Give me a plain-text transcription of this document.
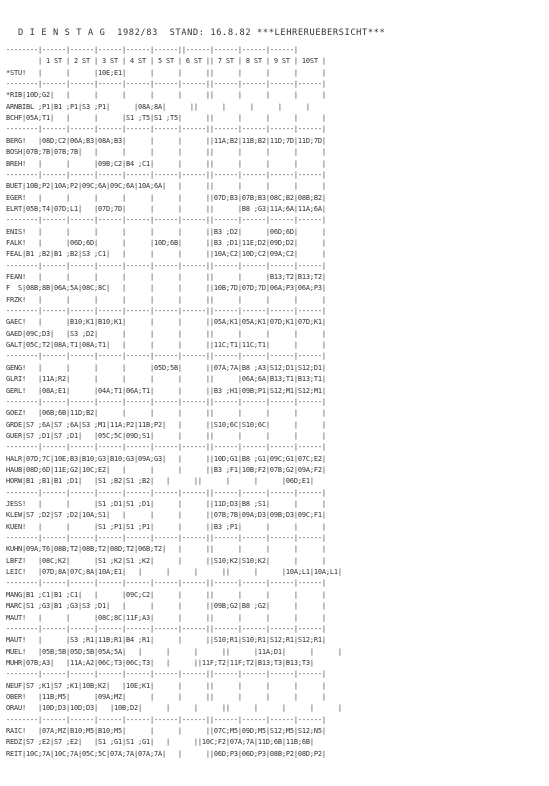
D I E N S T A G  1982/83  STAND: 16.8.82 ***LEHRERUEBERSICHT***
--------|------|------|------|------|------||------|------|------|------|
| 1 ST | 2 ST | 3 ST | 4 ST | 5 ST | 6 ST || 7 ST | 8 ST | 9 ST | 10ST |
*STU!   |      |      |10E;E1|      |      |      ||      |      |      |      |
--------|------|------|------|------|------|------||------|------|------|------|
*RIB|10D;G2|   |      |      |      |      |      ||      |      |      |      |
ARNBIBL ;P1|B1 ;P1|S3 ;P1|      |08A;8A|      ||      |      |      |      |
BCHF|05A;T1|   |      |      |S1 ;T5|S1 ;T5|      ||      |      |      |      |
--------|------|------|------|------|------|------||------|------|------|------|
BERG!   |08D;C2|06A;B3|08A;B3|      |      |      ||11A;B2|11B;B2|11D;7D|11D;7D|
BOSH|07B;7B|07B;7B|   |      |      |      |      ||      |      |      |      |
BREH!   |      |      |09B;C2|B4 ;C1|      |      ||      |      |      |      |
--------|------|------|------|------|------|------||------|------|------|------|
BUET|10B;P2|10A;P2|09C;6A|09C;6A|10A;6A|   |      ||      |      |      |      |
EGER!   |      |      |      |      |      |      ||07D;B3|07B;B3|08C;B2|08B;B2|
ELRT|05B;T4|07D;L1|   |07D;7D|      |      |      ||      |B8 ;G3|11A;6A|11A;6A|
--------|------|------|------|------|------|------||------|------|------|------|
ENIS!   |      |      |      |      |      |      ||B3 ;D2|      |06D;6D|      |
FALK!   |      |06D;6D|      |      |10D;6B|      ||B3 ;D1|11E;D2|09D;D2|      |
FEAL|B1 ;B2|B1 ;B2|S3 ;C1|   |      |      |      ||10A;C2|10D;C2|09A;C2|      |
--------|------|------|------|------|------|------||------|------|------|------|
FEAN!   |      |      |      |      |      |      ||      |      |B13;T2|B13;T2|
F  S|08B;8B|06A;5A|08C;8C|   |      |      |      ||10B;7D|07D;7D|06A;P3|06A;P3|
FRZK!   |      |      |      |      |      |      ||      |      |      |      |
--------|------|------|------|------|------|------||------|------|------|------|
GAEC!   |      |B10;K1|B10;K1|      |      |      ||05A;K1|05A;K1|07D;K1|07D;K1|
GAED|09C;D3|   |S3 ;D2|      |      |      |      ||      |      |      |      |
GALT|05C;T2|08A;T1|08A;T1|   |      |      |      ||11C;T1|11C;T1|      |      |
--------|------|------|------|------|------|------||------|------|------|------|
GENG!   |      |      |      |      |05D;5B|      ||07A;7A|B8 ;A3|S12;D1|S12;D1|
GLRI!   |11A;R2|      |      |      |      |      ||      |06A;6A|B13;T1|B13;T1|
GERL!   |08A;E1|      |04A;T1|06A;T1|      |      ||B3 ;H1|09B;P1|S12;M1|S12;M1|
--------|------|------|------|------|------|------||------|------|------|------|
GOEZ!   |06B;6B|11D;B2|      |      |      |      ||      |      |      |      |
GRDE|S7 ;6A|S7 ;6A|S3 ;M1|11A;P2|11B;P2|   |      ||S10;6C|S10;6C|      |      |
GUER|S7 ;D1|S7 ;D1|   |05C;5C|09D;S1|      |      ||      |      |      |      |
--------|------|------|------|------|------|------||------|------|------|------|
HALR|07D;7C|10E;B3|B10;G3|B10;G3|09A;G3|   |      ||10D;G1|B8 ;G1|09C;G1|07C;E2|
HAUB|08D;6D|11E;G2|10C;E2|   |      |      |      ||B3 ;F1|10B;F2|07B;G2|09A;F2|
HORW|B1 ;B1|B1 ;D1|   |S1 ;B2|S1 ;B2|   |      ||      |      |      |06D;E1|
--------|------|------|------|------|------|------||------|------|------|------|
JESS!   |      |      |S1 ;D1|S1 ;D1|      |      ||11D;D3|B8 ;S1|      |      |
KLEW|S7 ;D2|S7 ;D2|10A;S1|   |      |      |      ||07B;7B|09A;D3|09B;D3|09C;F1|
KUEN!   |      |      |S1 ;P1|S1 ;P1|      |      ||B3 ;P1|      |      |      |
--------|------|------|------|------|------|------||------|------|------|------|
KUHN|09A;T6|08B;T2|08B;T2|08D;T2|06B;T2|   |      ||      |      |      |      |
LBFZ!   |08C;K2|      |S1 ;K2|S1 ;K2|      |      ||S10;K2|S10;K2|      |      |
LEIC!   |07D;8A|07C;8A|10A;E1|   |      |      |      ||      |      |10A;L1|10A;L1|
--------|------|------|------|------|------|------||------|------|------|------|
MANG|B1 ;C1|B1 ;C1|   |      |09C;C2|      |      ||      |      |      |      |
MARC|S1 ;G3|B1 ;G3|S3 ;D1|   |      |      |      ||09B;G2|B8 ;G2|      |      |
MAUT!   |      |      |08C;8C|11F;A3|      |      ||      |      |      |      |
--------|------|------|------|------|------|------||------|------|------|------|
MAUT!   |      |S3 ;R1|11B;R1|B4 ;R1|      |      ||S10;R1|S10;R1|S12;R1|S12;R1|
MUEL!   |05B;5B|05D;5B|05A;5A|   |      |      |      ||      |11A;D1|      |      |
MUHR|07B;A3|   |11A;A2|06C;T3|06C;T3|   |      ||11F;T2|11F;T2|B13;T3|B13;T3|
--------|------|------|------|------|------|------||------|------|------|------|
NEUF|S7 ;K1|S7 ;K1|10B;K2|   |10E;K1|      |      ||      |      |      |      |
OBER!   |11B;M5|      |09A;MZ|      |      |      ||      |      |      |      |
ORAU!   |10D;D3|10D;D3|   |10B;D2|      |      |      ||      |      |      |      |
--------|------|------|------|------|------|------||------|------|------|------|
RAIC!   |07A;MZ|B10;M5|B10;M5|      |      |      ||07C;M5|09D;M5|S12;M5|S12;N5|
REDZ|S7 ;E2|S7 ;E2|   |S1 ;G1|S1 ;G1|   |      ||10C;F2|07A;7A|11D;6B|11B;6B|
REIT|10C;7A|10C;7A|05C;5C|07A;7A|07A;7A|   |      ||06D;P3|06D;P3|08B;P2|08D;P2|
